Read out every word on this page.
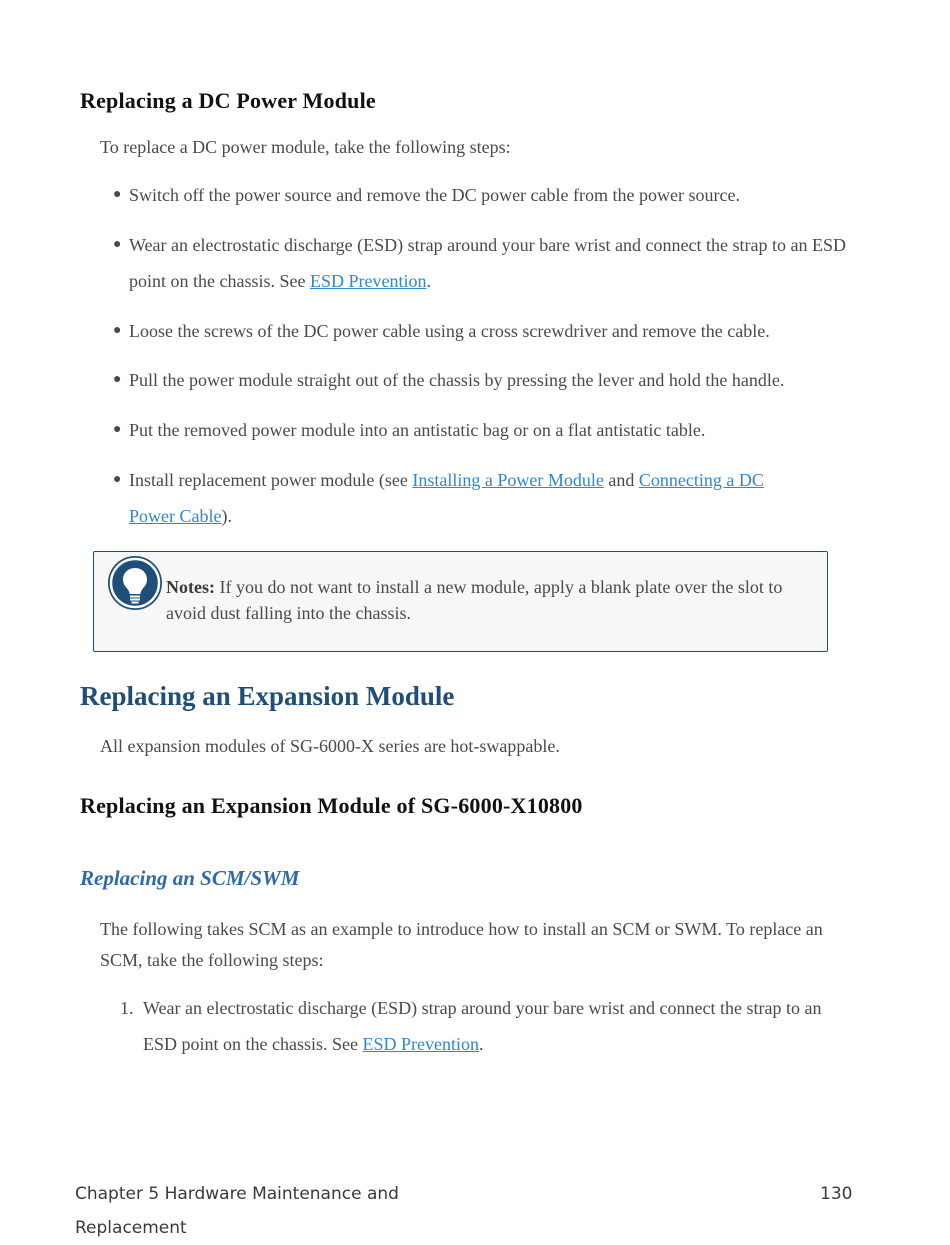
Replacing a DC Power Module
To replace a DC power module, take the following steps:
● Switch off the power source and remove the DC power cable from the power source.
● Wear an electrostatic discharge (ESD) strap around your bare wrist and connect the strap to an ESD point on the chassis. See ESD Prevention.
● Loose the screws of the DC power cable using a cross screwdriver and remove the cable.
● Pull the power module straight out of the chassis by pressing the lever and hold the handle.
● Put the removed power module into an antistatic bag or on a flat antistatic table.
● Install replacement power module (see Installing a Power Module and Connecting a DC Power Cable).
Notes: If you do not want to install a new module, apply a blank plate over the slot to avoid dust falling into the chassis.
Replacing an Expansion Module
All expansion modules of SG-6000-X series are hot-swappable.
Replacing an Expansion Module of SG-6000-X10800
Replacing an SCM/SWM
The following takes SCM as an example to introduce how to install an SCM or SWM. To replace an SCM, take the following steps:
1. Wear an electrostatic discharge (ESD) strap around your bare wrist and connect the strap to an ESD point on the chassis. See ESD Prevention.
Chapter 5 Hardware Maintenance and Replacement
130
